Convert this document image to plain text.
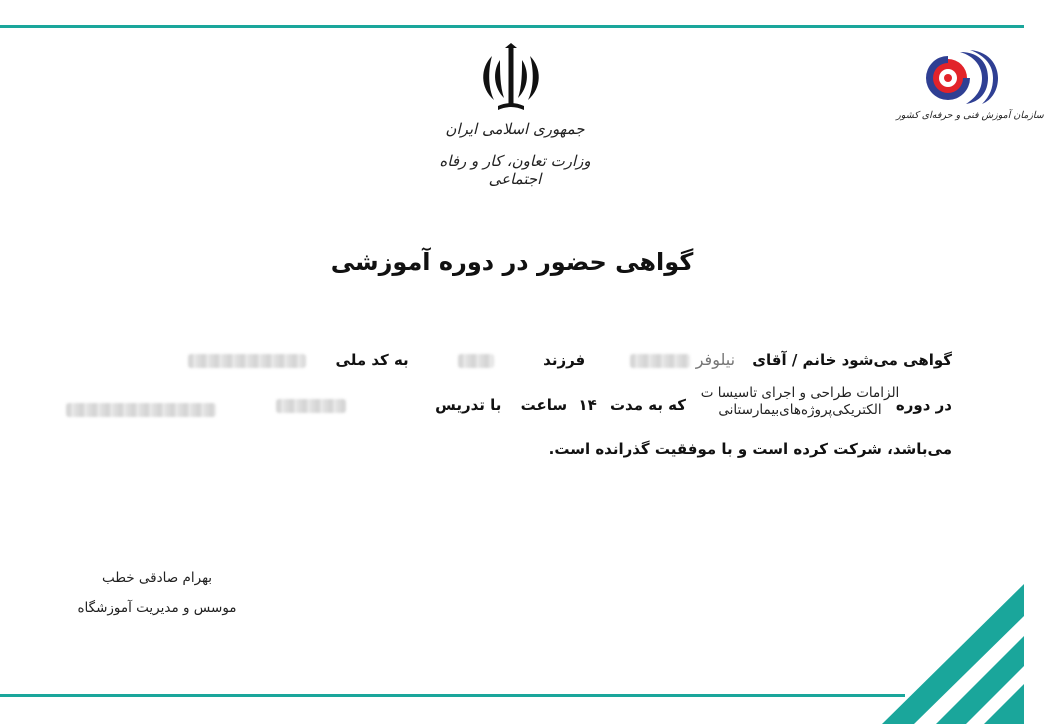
جمهوری اسلامی ایران
وزارت تعاون، کار و رفاه اجتماعی
سازمان آموزش فنی و حرفه‌ای کشور
گواهی حضور در دوره آموزشی
گواهی می‌شود خانم / آقای نیلوفر  فرزند  به کد ملی
در دوره
الزامات طراحی و اجرای تاسیسا ت
الکتریکی‌پروژه‌های‌بیمارستانی
که به مدت ۱۴ ساعت با تدریس
می‌باشد، شرکت کرده است و با موفقیت گذرانده است.
بهرام صادقی خطب
موسس و مدیریت آموزشگاه
